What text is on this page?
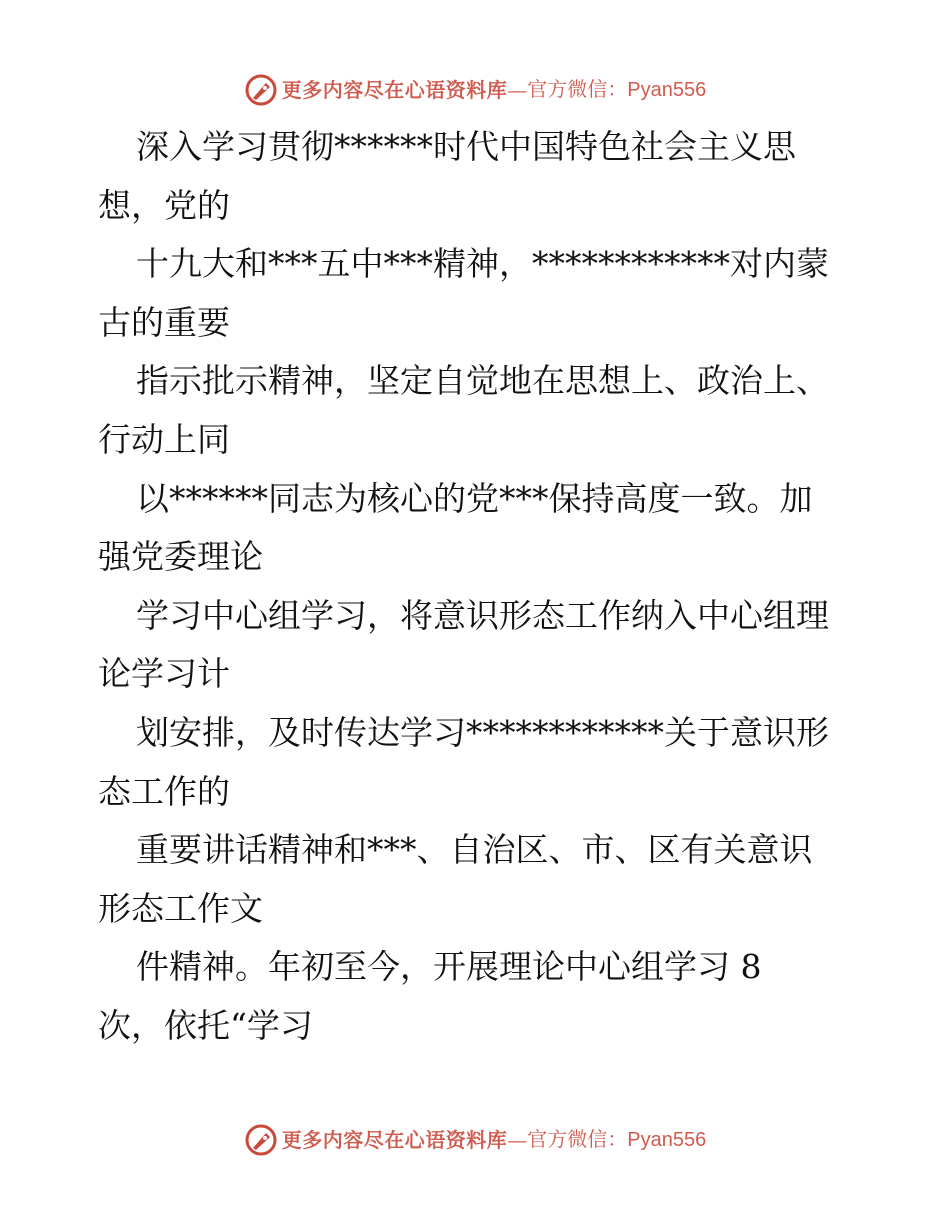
更多内容尽在心语资料库 — 官方微信：Pyan556
深入学习贯彻******时代中国特色社会主义思
想，党的
十九大和***五中***精神，************对内蒙
古的重要
指示批示精神，坚定自觉地在思想上、政治上、
行动上同
以******同志为核心的党***保持高度一致。加
强党委理论
学习中心组学习，将意识形态工作纳入中心组理
论学习计
划安排，及时传达学习************关于意识形
态工作的
重要讲话精神和***、自治区、市、区有关意识
形态工作文
件精神。年初至今，开展理论中心组学习 8
次，依托“学习
更多内容尽在心语资料库 — 官方微信：Pyan556
